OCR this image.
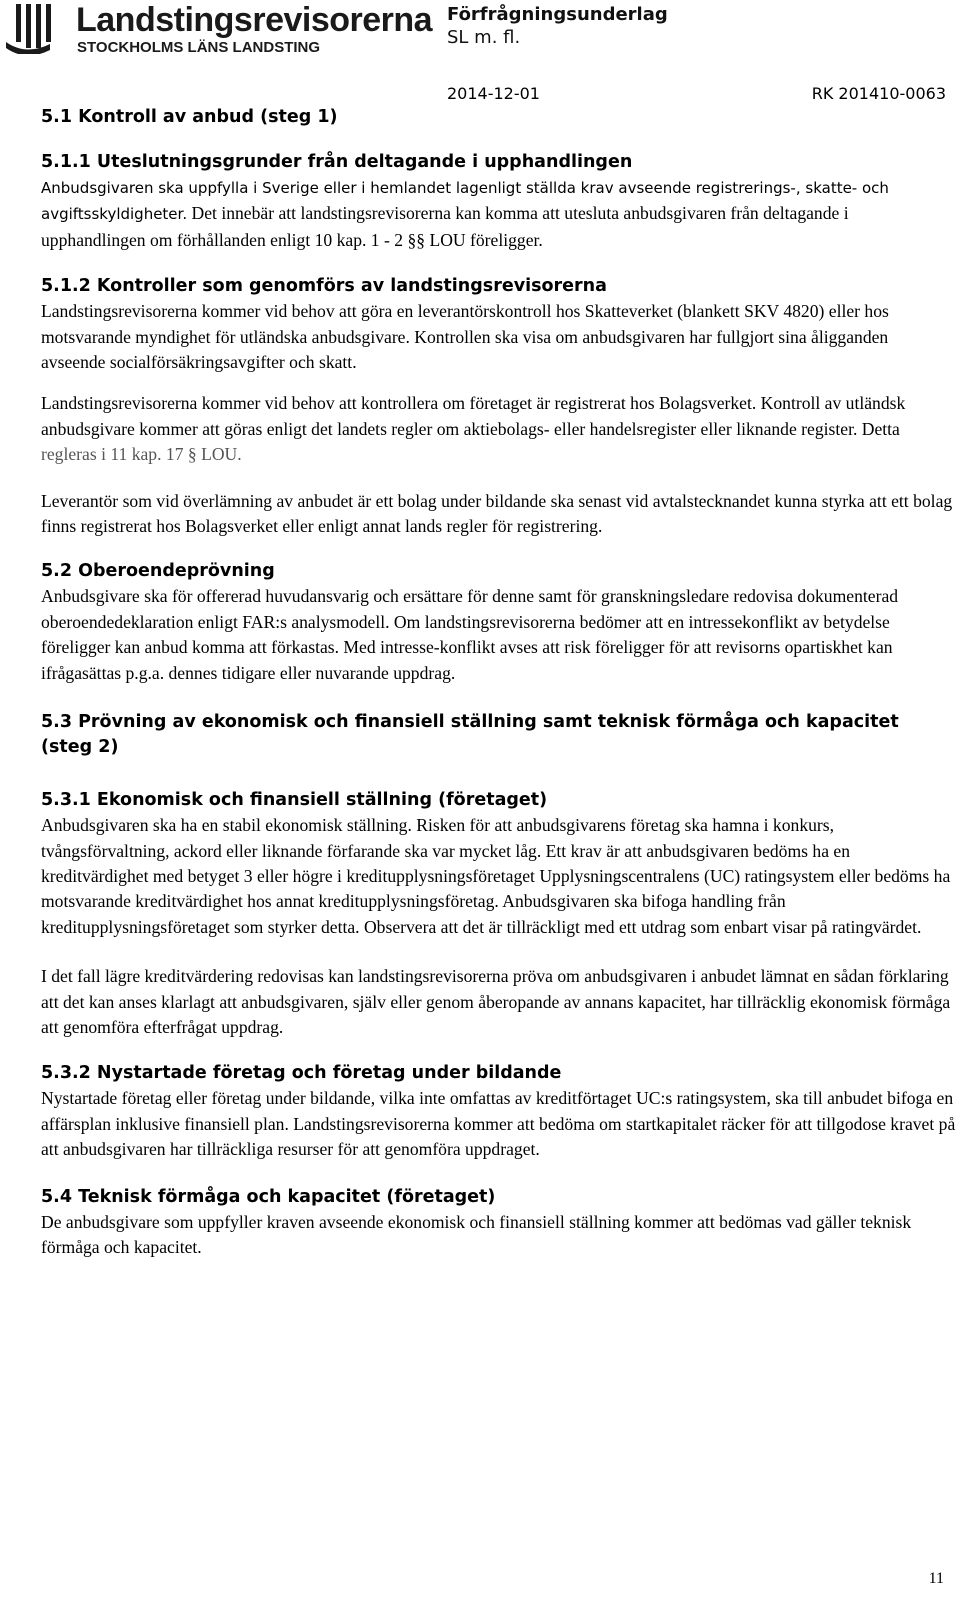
Landstingsrevisorerna
STOCKHOLMS LÄNS LANDSTING
Förfrågningsunderlag
SL m. fl.
2014-12-01	RK 201410-0063
5.1 Kontroll av anbud (steg 1)
5.1.1 Uteslutningsgrunder från deltagande i upphandlingen

Anbudsgivaren ska uppfylla i Sverige eller i hemlandet lagenligt ställda krav avseende registrerings-, skatte- och avgiftsskyldigheter. Det innebär att landstingsrevisorerna kan komma att utesluta anbudsgivaren från deltagande i upphandlingen om förhållanden enligt 10 kap. 1 - 2 §§ LOU föreligger.

5.1.2 Kontroller som genomförs av landstingsrevisorerna

Landstingsrevisorerna kommer vid behov att göra en leverantörskontroll hos Skatteverket (blankett SKV 4820) eller hos motsvarande myndighet för utländska anbudsgivare. Kontrollen ska visa om anbudsgivaren har fullgjort sina åligganden avseende socialförsäkringsavgifter och skatt.

Landstingsrevisorerna kommer vid behov att kontrollera om företaget är registrerat hos Bolagsverket. Kontroll av utländsk anbudsgivare kommer att göras enligt det landets regler om aktiebolags- eller handelsregister eller liknande register. Detta regleras i 11 kap. 17 § LOU.

Leverantör som vid överlämning av anbudet är ett bolag under bildande ska senast vid avtalstecknandet kunna styrka att ett bolag finns registrerat hos Bolagsverket eller enligt annat lands regler för registrering.

5.2 Oberoendeprövning

Anbudsgivare ska för offererad huvudansvarig och ersättare för denne samt för granskningsledare redovisa dokumenterad oberoendedeklaration enligt FAR:s analysmodell. Om landstingsrevisorerna bedömer att en intressekonflikt av betydelse föreligger kan anbud komma att förkastas. Med intresse-konflikt avses att risk föreligger för att revisorns opartiskhet kan ifrågasättas p.g.a. dennes tidigare eller nuvarande uppdrag.

5.3 Prövning av ekonomisk och finansiell ställning samt teknisk förmåga och kapacitet (steg 2)
5.3.1 Ekonomisk och finansiell ställning (företaget)

Anbudsgivaren ska ha en stabil ekonomisk ställning. Risken för att anbudsgivarens företag ska hamna i konkurs, tvångsförvaltning, ackord eller liknande förfarande ska var mycket låg. Ett krav är att anbudsgivaren bedöms ha en kreditvärdighet med betyget 3 eller högre i kreditupplysningsföretaget Upplysningscentralens (UC) ratingsystem eller bedöms ha motsvarande kreditvärdighet hos annat kreditupplysningsföretag. Anbudsgivaren ska bifoga handling från kreditupplysningsföretaget som styrker detta. Observera att det är tillräckligt med ett utdrag som enbart visar på ratingvärdet.

I det fall lägre kreditvärdering redovisas kan landstingsrevisorerna pröva om anbudsgivaren i anbudet lämnat en sådan förklaring att det kan anses klarlagt att anbudsgivaren, själv eller genom åberopande av annans kapacitet, har tillräcklig ekonomisk förmåga att genomföra efterfrågat uppdrag.

5.3.2 Nystartade företag och företag under bildande

Nystartade företag eller företag under bildande, vilka inte omfattas av kreditförtaget UC:s ratingsystem, ska till anbudet bifoga en affärsplan inklusive finansiell plan. Landstingsrevisorerna kommer att bedöma om startkapitalet räcker för att tillgodose kravet på att anbudsgivaren har tillräckliga resurser för att genomföra uppdraget.

5.4 Teknisk förmåga och kapacitet (företaget)

De anbudsgivare som uppfyller kraven avseende ekonomisk och finansiell ställning kommer att bedömas vad gäller teknisk förmåga och kapacitet.

11
